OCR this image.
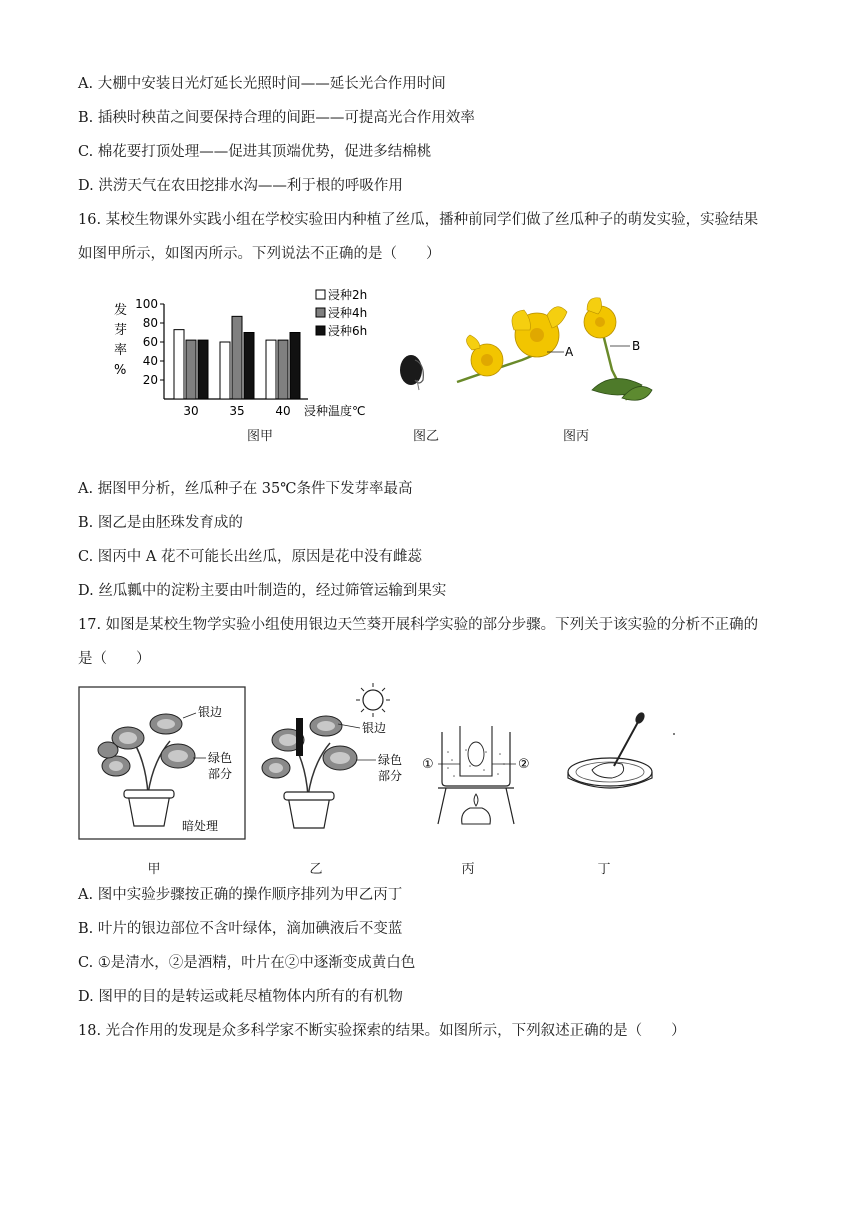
A. 大棚中安装日光灯延长光照时间——延长光合作用时间
B. 插秧时秧苗之间要保持合理的间距——可提高光合作用效率
C. 棉花要打顶处理——促进其顶端优势，促进多结棉桃
D. 洪涝天气在农田挖排水沟——利于根的呼吸作用
16. 某校生物课外实践小组在学校实验田内种植了丝瓜，播种前同学们做了丝瓜种子的萌发实验，实验结果
如图甲所示，如图丙所示。下列说法不正确的是（　　）
发
芽
率
%
100
80
60
40
20
30	35	40 浸种温度℃
浸种2h
浸种4h
浸种6h
图甲	图乙
A	B
图丙
A. 据图甲分析，丝瓜种子在 35℃条件下发芽率最高
B. 图乙是由胚珠发育成的
C. 图丙中 A 花不可能长出丝瓜，原因是花中没有雌蕊
D. 丝瓜瓤中的淀粉主要由叶制造的，经过筛管运输到果实
17. 如图是某校生物学实验小组使用银边天竺葵开展科学实验的部分步骤。下列关于该实验的分析不正确的
是（　　）
银边
绿色
部分
暗处理
甲
银边
绿色
部分
乙
①	②
丙	丁
A. 图中实验步骤按正确的操作顺序排列为甲乙丙丁
B. 叶片的银边部位不含叶绿体，滴加碘液后不变蓝
C. ①是清水，②是酒精，叶片在②中逐渐变成黄白色
D. 图甲的目的是转运或耗尽植物体内所有的有机物
18. 光合作用的发现是众多科学家不断实验探索的结果。如图所示，下列叙述正确的是（　　）
